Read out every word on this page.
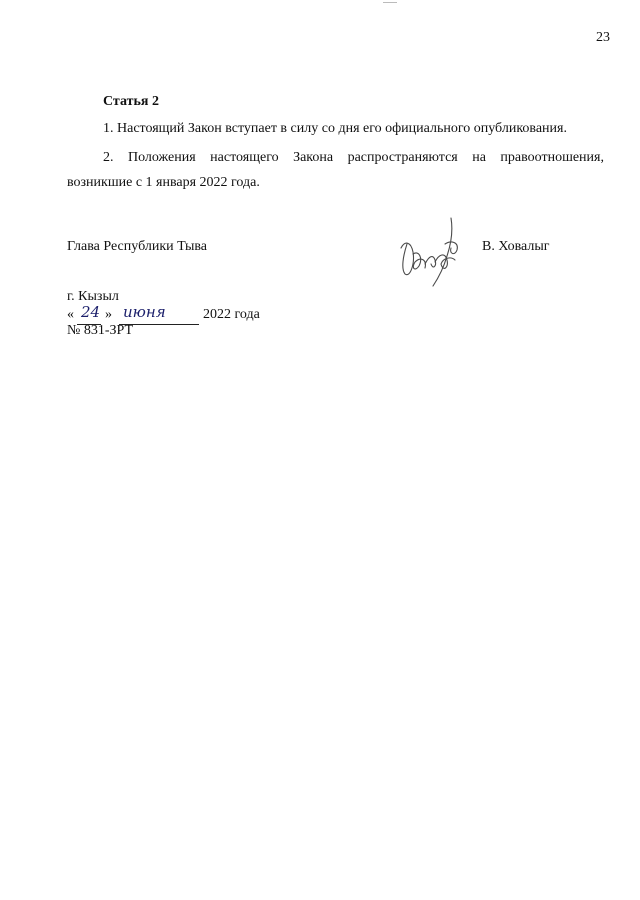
23
Статья 2
1. Настоящий Закон вступает в силу со дня его официального опубликования.
2. Положения настоящего Закона распространяются на правоотношения, возникшие с 1 января 2022 года.
Глава Республики Тыва	В. Ховалыг
г. Кызыл
« 24 » июня	2022 года
№ 831-ЗРТ
